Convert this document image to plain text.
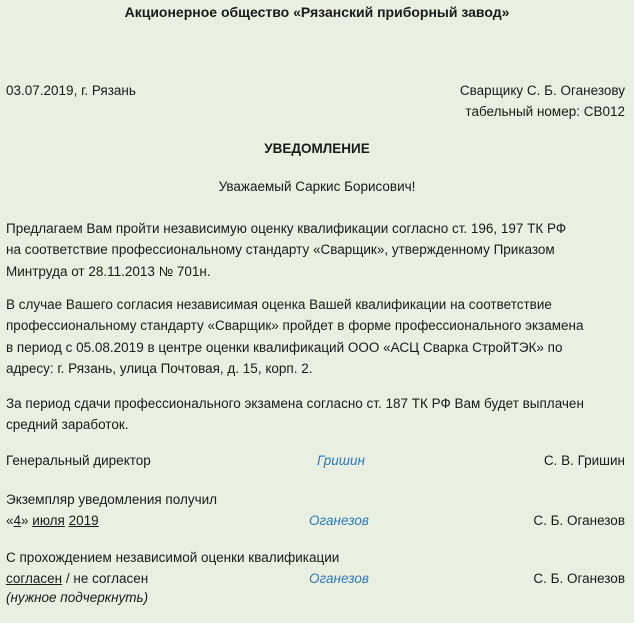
Акционерное общество «Рязанский приборный завод»
03.07.2019, г. Рязань	Сварщику С. Б. Оганезову
табельный номер: СВ012
УВЕДОМЛЕНИЕ
Уважаемый Саркис Борисович!
Предлагаем Вам пройти независимую оценку квалификации согласно ст. 196, 197 ТК РФ
на соответствие профессиональному стандарту «Сварщик», утвержденному Приказом
Минтруда от 28.11.2013 № 701н.
В случае Вашего согласия независимая оценка Вашей квалификации на соответствие
профессиональному стандарту «Сварщик» пройдет в форме профессионального экзамена
в период с 05.08.2019 в центре оценки квалификаций ООО «АСЦ Сварка СтройТЭК» по
адресу: г. Рязань, улица Почтовая, д. 15, корп. 2.
За период сдачи профессионального экзамена согласно ст. 187 ТК РФ Вам будет выплачен
средний заработок.
Генеральный директор	Гришин	С. В. Гришин
Экземпляр уведомления получил
«4» июля 2019	Оганезов	С. Б. Оганезов
С прохождением независимой оценки квалификации
согласен / не согласен	Оганезов	С. Б. Оганезов
(нужное подчеркнуть)
